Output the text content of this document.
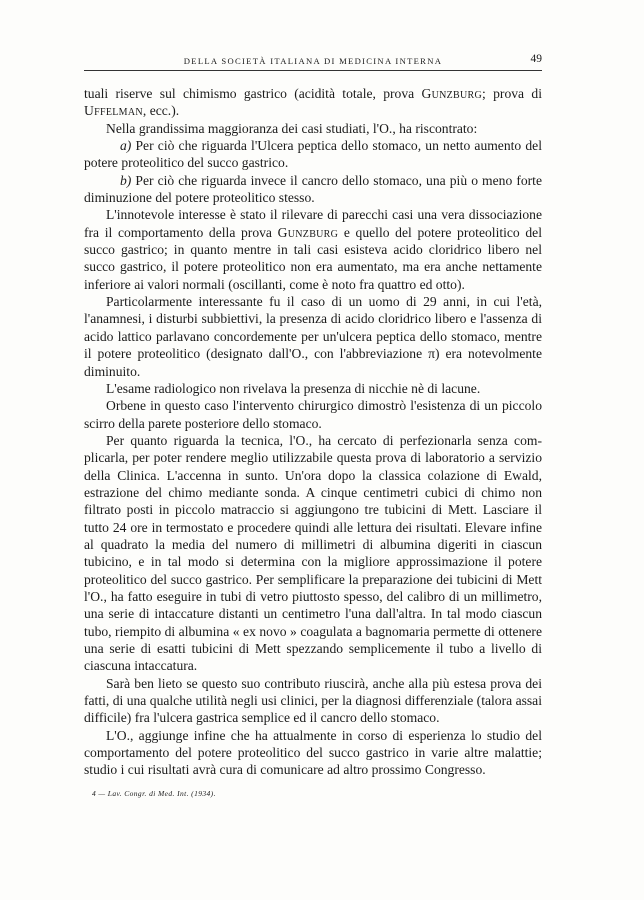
DELLA SOCIETÀ ITALIANA DI MEDICINA INTERNA	49

tuali riserve sul chimismo gastrico (acidità totale, prova Gunzburg; prova di Uffelman, ecc.).

Nella grandissima maggioranza dei casi studiati, l'O., ha riscontrato:

a) Per ciò che riguarda l'Ulcera peptica dello stomaco, un netto aumento del potere proteolitico del succo gastrico.

b) Per ciò che riguarda invece il cancro dello stomaco, una più o meno forte diminuzione del potere proteolitico stesso.

L'innotevole interesse è stato il rilevare di parecchi casi una vera dissociazione fra il comportamento della prova Gunzburg e quello del potere proteolitico del succo gastrico; in quanto mentre in tali casi esisteva acido cloridrico libero nel succo gastrico, il potere proteolitico non era aumentato, ma era anche nettamente inferiore ai valori normali (oscillanti, come è noto fra quattro ed otto).

Particolarmente interessante fu il caso di un uomo di 29 anni, in cui l'età, l'anamnesi, i disturbi subbiettivi, la presenza di acido cloridrico libero e l'assenza di acido lattico parlavano concordemente per un'ulcera peptica dello stomaco, mentre il potere proteolitico (designato dall'O., con l'abbreviazione π) era notevolmente diminuito.

L'esame radiologico non rivelava la presenza di nicchie nè di lacune.

Orbene in questo caso l'intervento chirurgico dimostrò l'esistenza di un piccolo scirro della parete posteriore dello stomaco.

Per quanto riguarda la tecnica, l'O., ha cercato di perfezionarla senza complicarla, per poter rendere meglio utilizzabile questa prova di laboratorio a servizio della Clinica. L'accenna in sunto. Un'ora dopo la classica colazione di Ewald, estrazione del chimo mediante sonda. A cinque centimetri cubici di chimo non filtrato posti in piccolo matraccio si aggiungono tre tubicini di Mett. Lasciare il tutto 24 ore in termostato e procedere quindi alle lettura dei risultati. Elevare infine al quadrato la media del numero di millimetri di albumina digeriti in ciascun tubicino, e in tal modo si determina con la migliore approssimazione il potere proteolitico del succo gastrico. Per semplificare la preparazione dei tubicini di Mett l'O., ha fatto eseguire in tubi di vetro piuttosto spesso, del calibro di un millimetro, una serie di intaccature distanti un centimetro l'una dall'altra. In tal modo ciascun tubo, riempito di albumina « ex novo » coagulata a bagnomaria permette di ottenere una serie di esatti tubicini di Mett spezzando semplicemente il tubo a livello di ciascuna intaccatura.

Sarà ben lieto se questo suo contributo riuscirà, anche alla più estesa prova dei fatti, di una qualche utilità negli usi clinici, per la diagnosi differenziale (talora assai difficile) fra l'ulcera gastrica semplice ed il cancro dello stomaco.

L'O., aggiunge infine che ha attualmente in corso di esperienza lo studio del comportamento del potere proteolitico del succo gastrico in varie altre malattie; studio i cui risultati avrà cura di comunicare ad altro prossimo Congresso.

4 — Lav. Congr. di Med. Int. (1934).
